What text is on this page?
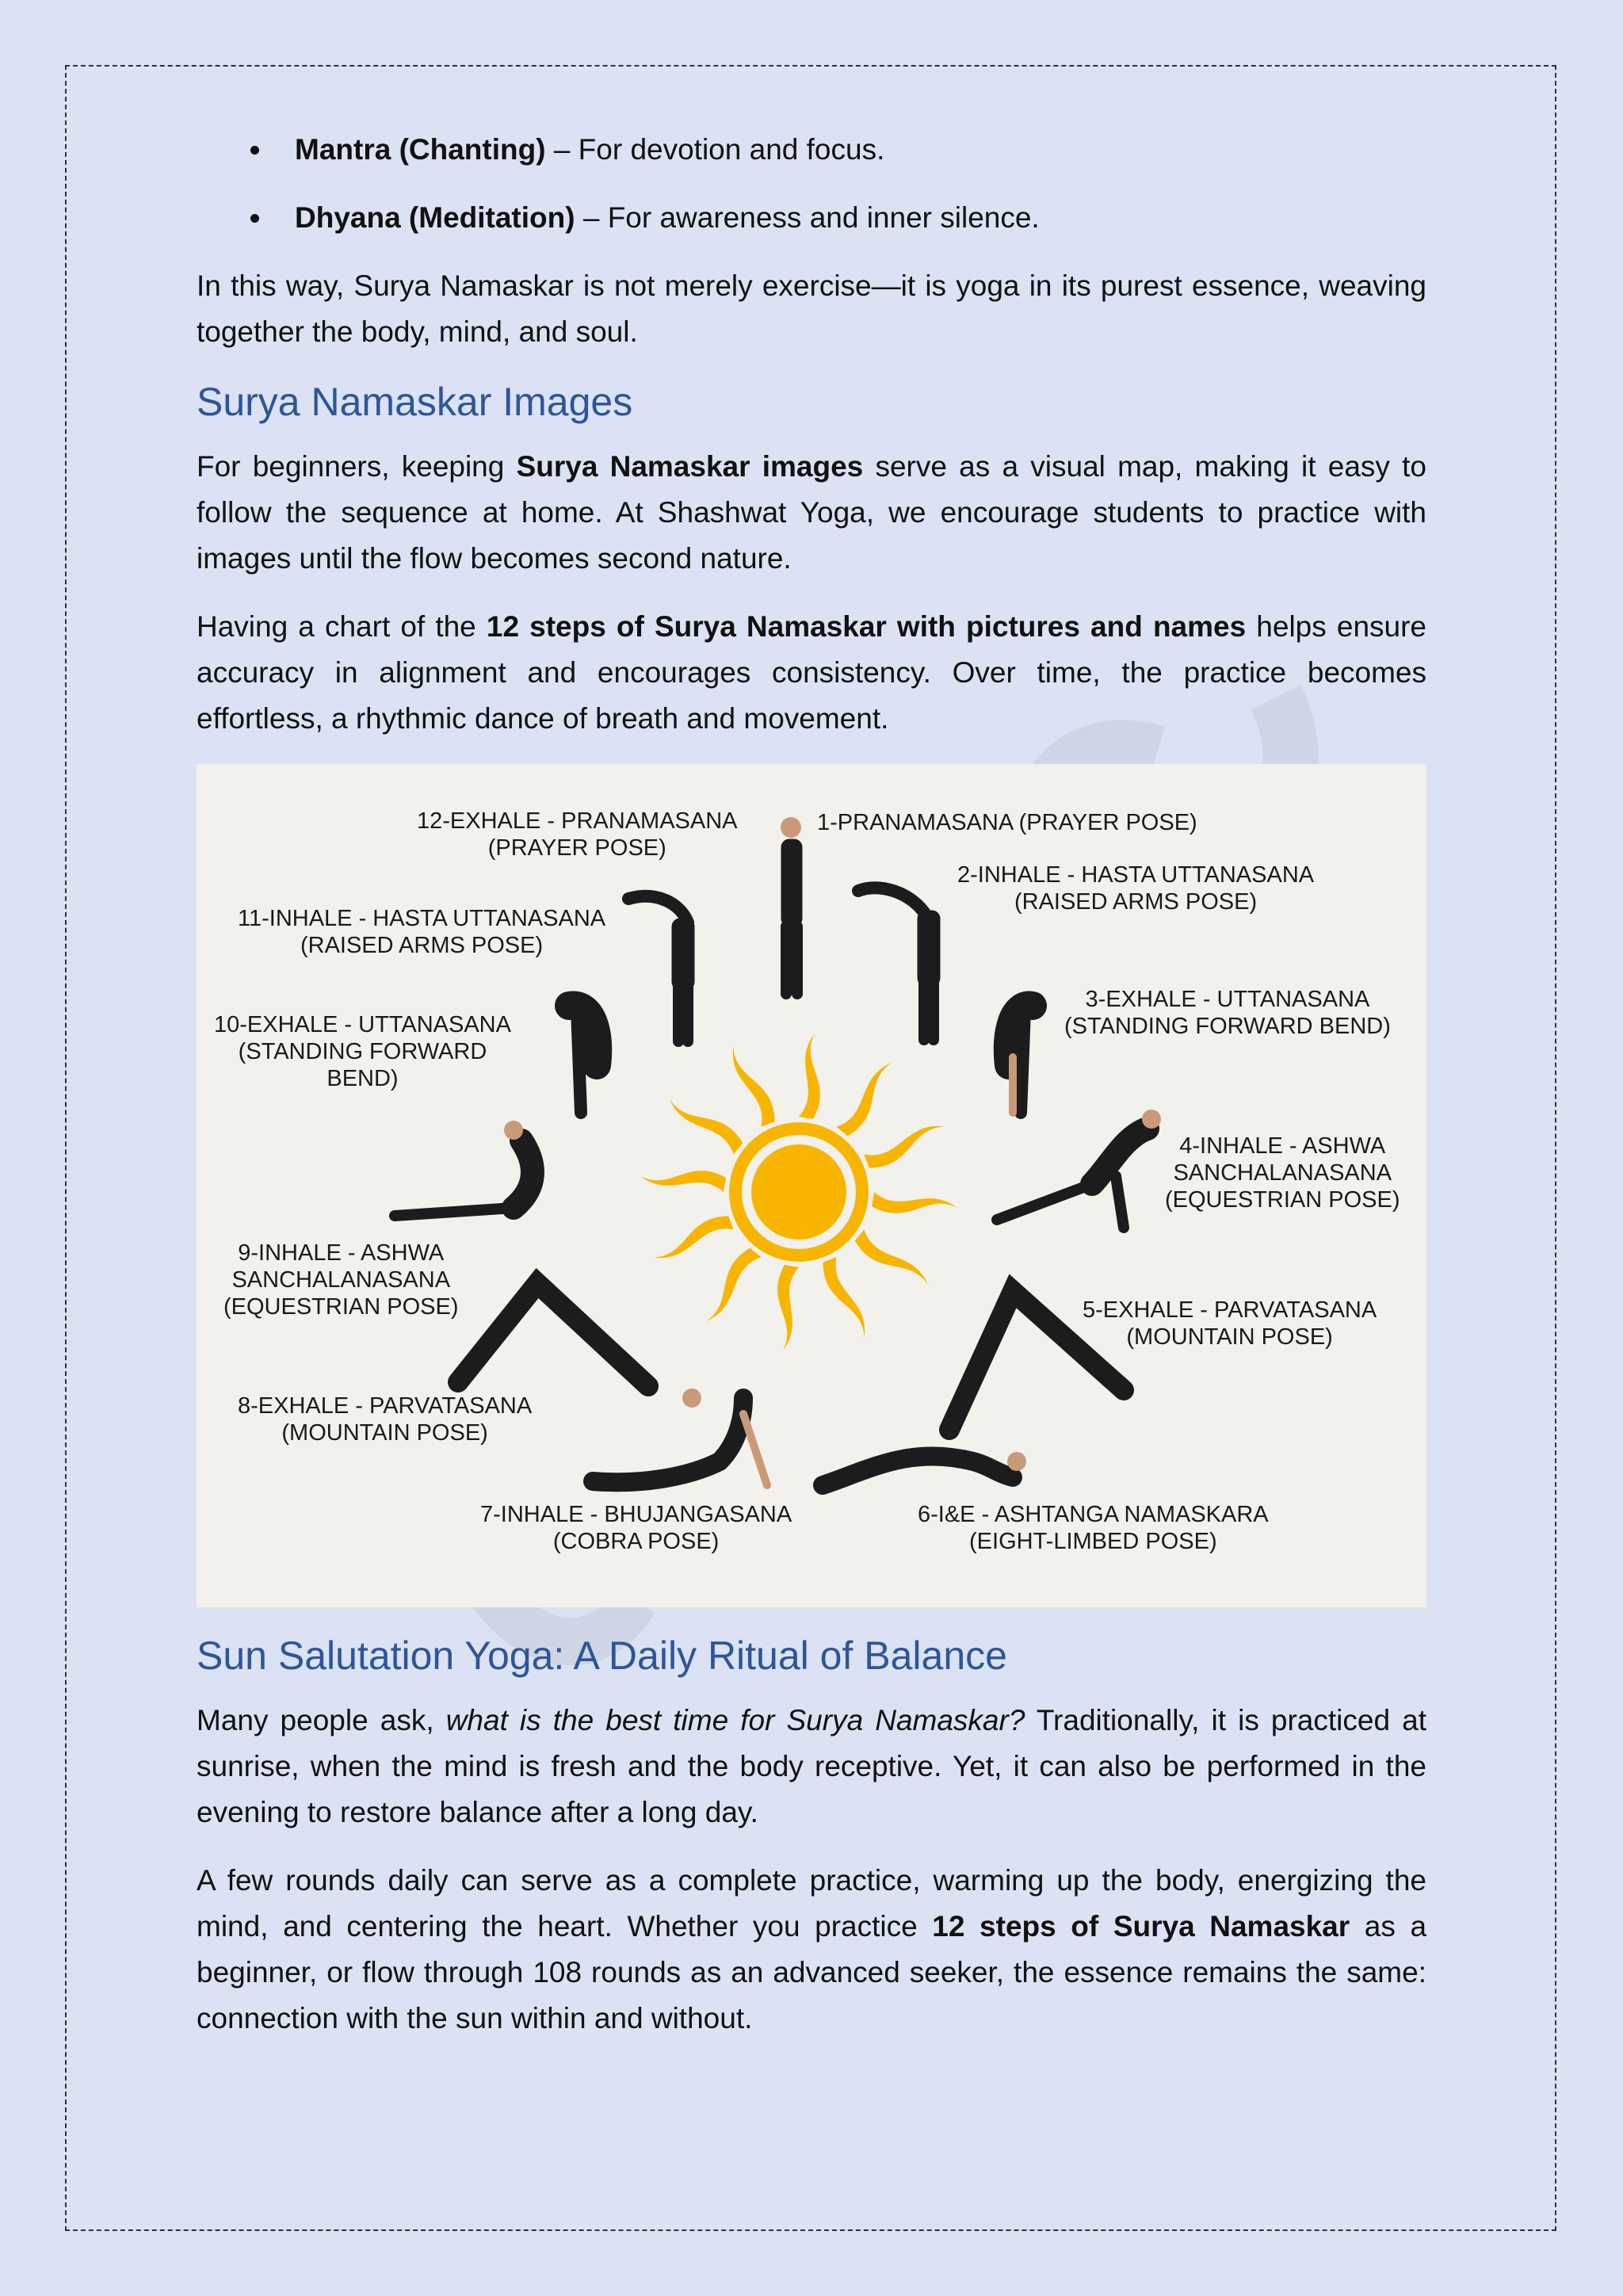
Mantra (Chanting) – For devotion and focus.
Dhyana (Meditation) – For awareness and inner silence.

In this way, Surya Namaskar is not merely exercise—it is yoga in its purest essence, weaving together the body, mind, and soul.

Surya Namaskar Images

For beginners, keeping Surya Namaskar images serve as a visual map, making it easy to follow the sequence at home. At Shashwat Yoga, we encourage students to practice with images until the flow becomes second nature.

Having a chart of the 12 steps of Surya Namaskar with pictures and names helps ensure accuracy in alignment and encourages consistency. Over time, the practice becomes effortless, a rhythmic dance of breath and movement.

1-PRANAMASANA (PRAYER POSE)
2-INHALE - HASTA UTTANASANA
(RAISED ARMS POSE)
3-EXHALE - UTTANASANA
(STANDING FORWARD BEND)
4-INHALE - ASHWA
SANCHALANASANA
(EQUESTRIAN POSE)
5-EXHALE - PARVATASANA
(MOUNTAIN POSE)
6-I&E - ASHTANGA NAMASKARA
(EIGHT-LIMBED POSE)
7-INHALE - BHUJANGASANA
(COBRA POSE)
8-EXHALE - PARVATASANA
(MOUNTAIN POSE)
9-INHALE - ASHWA
SANCHALANASANA
(EQUESTRIAN POSE)
10-EXHALE - UTTANASANA
(STANDING FORWARD
BEND)
11-INHALE - HASTA UTTANASANA
(RAISED ARMS POSE)
12-EXHALE - PRANAMASANA
(PRAYER POSE)
Sun Salutation Yoga: A Daily Ritual of Balance

Many people ask, what is the best time for Surya Namaskar? Traditionally, it is practiced at sunrise, when the mind is fresh and the body receptive. Yet, it can also be performed in the evening to restore balance after a long day.

A few rounds daily can serve as a complete practice, warming up the body, energizing the mind, and centering the heart. Whether you practice 12 steps of Surya Namaskar as a beginner, or flow through 108 rounds as an advanced seeker, the essence remains the same: connection with the sun within and without.
